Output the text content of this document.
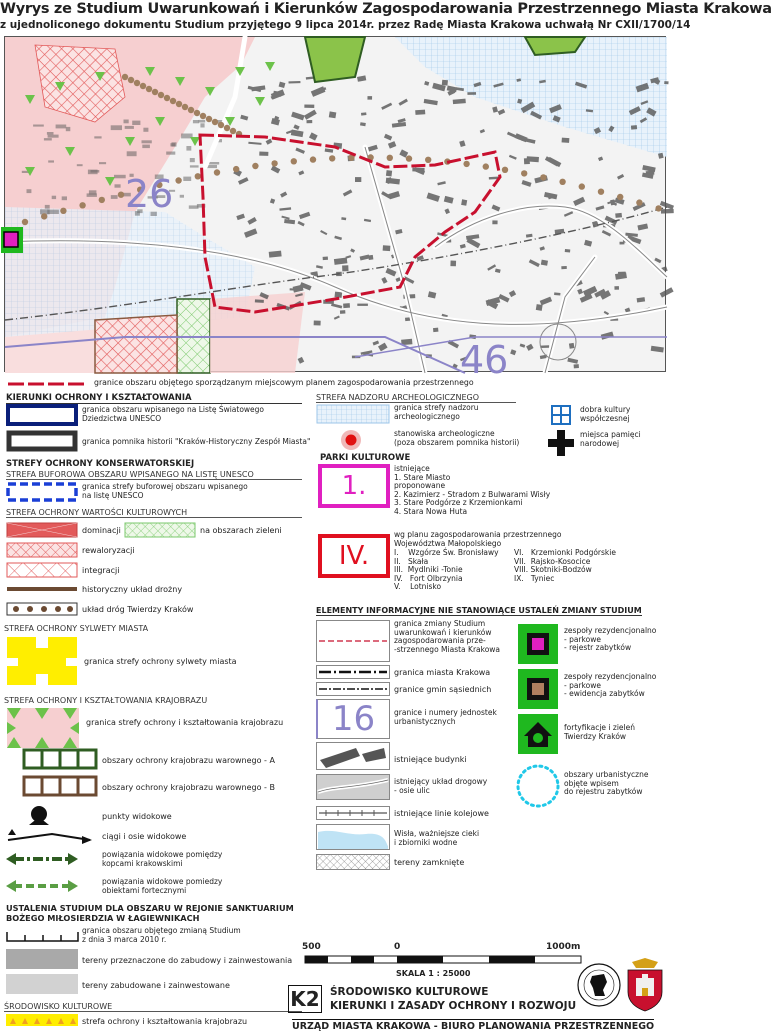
Wyrys ze Studium Uwarunkowań i Kierunków Zagospodarowania Przestrzennego Miasta Krakowa
z ujednoliconego dokumentu Studium przyjętego 9 lipca 2014r. przez Radę Miasta Krakowa uchwałą Nr CXII/1700/14
26
46
granice obszaru objętego sporządzanym miejscowym planem zagospodarowania przestrzennego
KIERUNKI OCHRONY I KSZTAŁTOWANIA
granica obszaru wpisanego na Listę Światowego
Dziedzictwa UNESCO
granica pomnika historii "Kraków-Historyczny Zespół Miasta"
STREFY OCHRONY KONSERWATORSKIEJ
STREFA BUFOROWA OBSZARU WPISANEGO NA LISTĘ UNESCO
granica strefy buforowej obszaru wpisanego
na listę UNESCO
STREFA OCHRONY WARTOŚCI KULTUROWYCH
dominacji	na obszarach zieleni
rewaloryzacji
integracji
historyczny układ drożny
układ dróg Twierdzy Kraków
STREFA OCHRONY SYLWETY MIASTA
granica strefy ochrony sylwety miasta
STREFA OCHRONY I KSZTAŁTOWANIA KRAJOBRAZU
granica strefy ochrony i kształtowania krajobrazu
obszary ochrony krajobrazu warownego - A
obszary ochrony krajobrazu warownego - B
punkty widokowe
ciągi i osie widokowe
powiązania widokowe pomiędzy
kopcami krakowskimi
powiązania widokowe pomiedzy
obiektami fortecznymi
USTALENIA STUDIUM DLA OBSZARU W REJONIE SANKTUARIUM
BOŻEGO MIŁOSIERDZIA W ŁAGIEWNIKACH
granica obszaru objętego zmianą Studium
z dnia 3 marca 2010 r.
tereny przeznaczone do zabudowy i zainwestowania
tereny zabudowane i zainwestowane
ŚRODOWISKO KULTUROWE
strefa ochrony i kształtowania krajobrazu
STREFA NADZORU ARCHEOLOGICZNEGO
granica strefy nadzoru
archeologicznego
stanowiska archeologiczne
(poza obszarem pomnika historii)
dobra kultury
współczesnej
miejsca pamięci
narodowej
PARKI KULTUROWE
1.
istniejące
1. Stare Miasto
proponowane
2. Kazimierz - Stradom z Bulwarami Wisły
3. Stare Podgórze z Krzemionkami
4. Stara Nowa Huta
IV.
wg planu zagospodarowania przestrzennego
Województwa Małopolskiego
I.    Wzgórze Św. Bronisławy
II.   Skała
III.  Mydlniki -Tonie
IV.   Fort Olbrzynia
V.    Lotnisko
VI.   Krzemionki Podgórskie
VII.  Rajsko-Kosocice
VIII. Skotniki-Bodzów
IX.   Tyniec
ELEMENTY INFORMACYJNE NIE STANOWIĄCE USTALEŃ ZMIANY STUDIUM
granica zmiany Studium
uwarunkowań i kierunków
zagospodarowania prze-
-strzennego Miasta Krakowa
granica miasta Krakowa
granice gmin sąsiednich
16	granice i numery jednostek
urbanistycznych
istniejące budynki
istniejący układ drogowy
- osie ulic
istniejące linie kolejowe
Wisła, ważniejsze cieki
i zbiorniki wodne
tereny zamknięte
zespoły rezydencjonalno
- parkowe
- rejestr zabytków
zespoły rezydencjonalno
- parkowe
- ewidencja zabytków
fortyfikacje i zieleń
Twierdzy Kraków
obszary urbanistyczne
objęte wpisem
do rejestru zabytków
500	0	1000m
SKALA 1 : 25000
K2 ŚRODOWISKO KULTUROWE
KIERUNKI I ZASADY OCHRONY I ROZWOJU
URZĄD MIASTA KRAKOWA - BIURO PLANOWANIA PRZESTRZENNEGO
